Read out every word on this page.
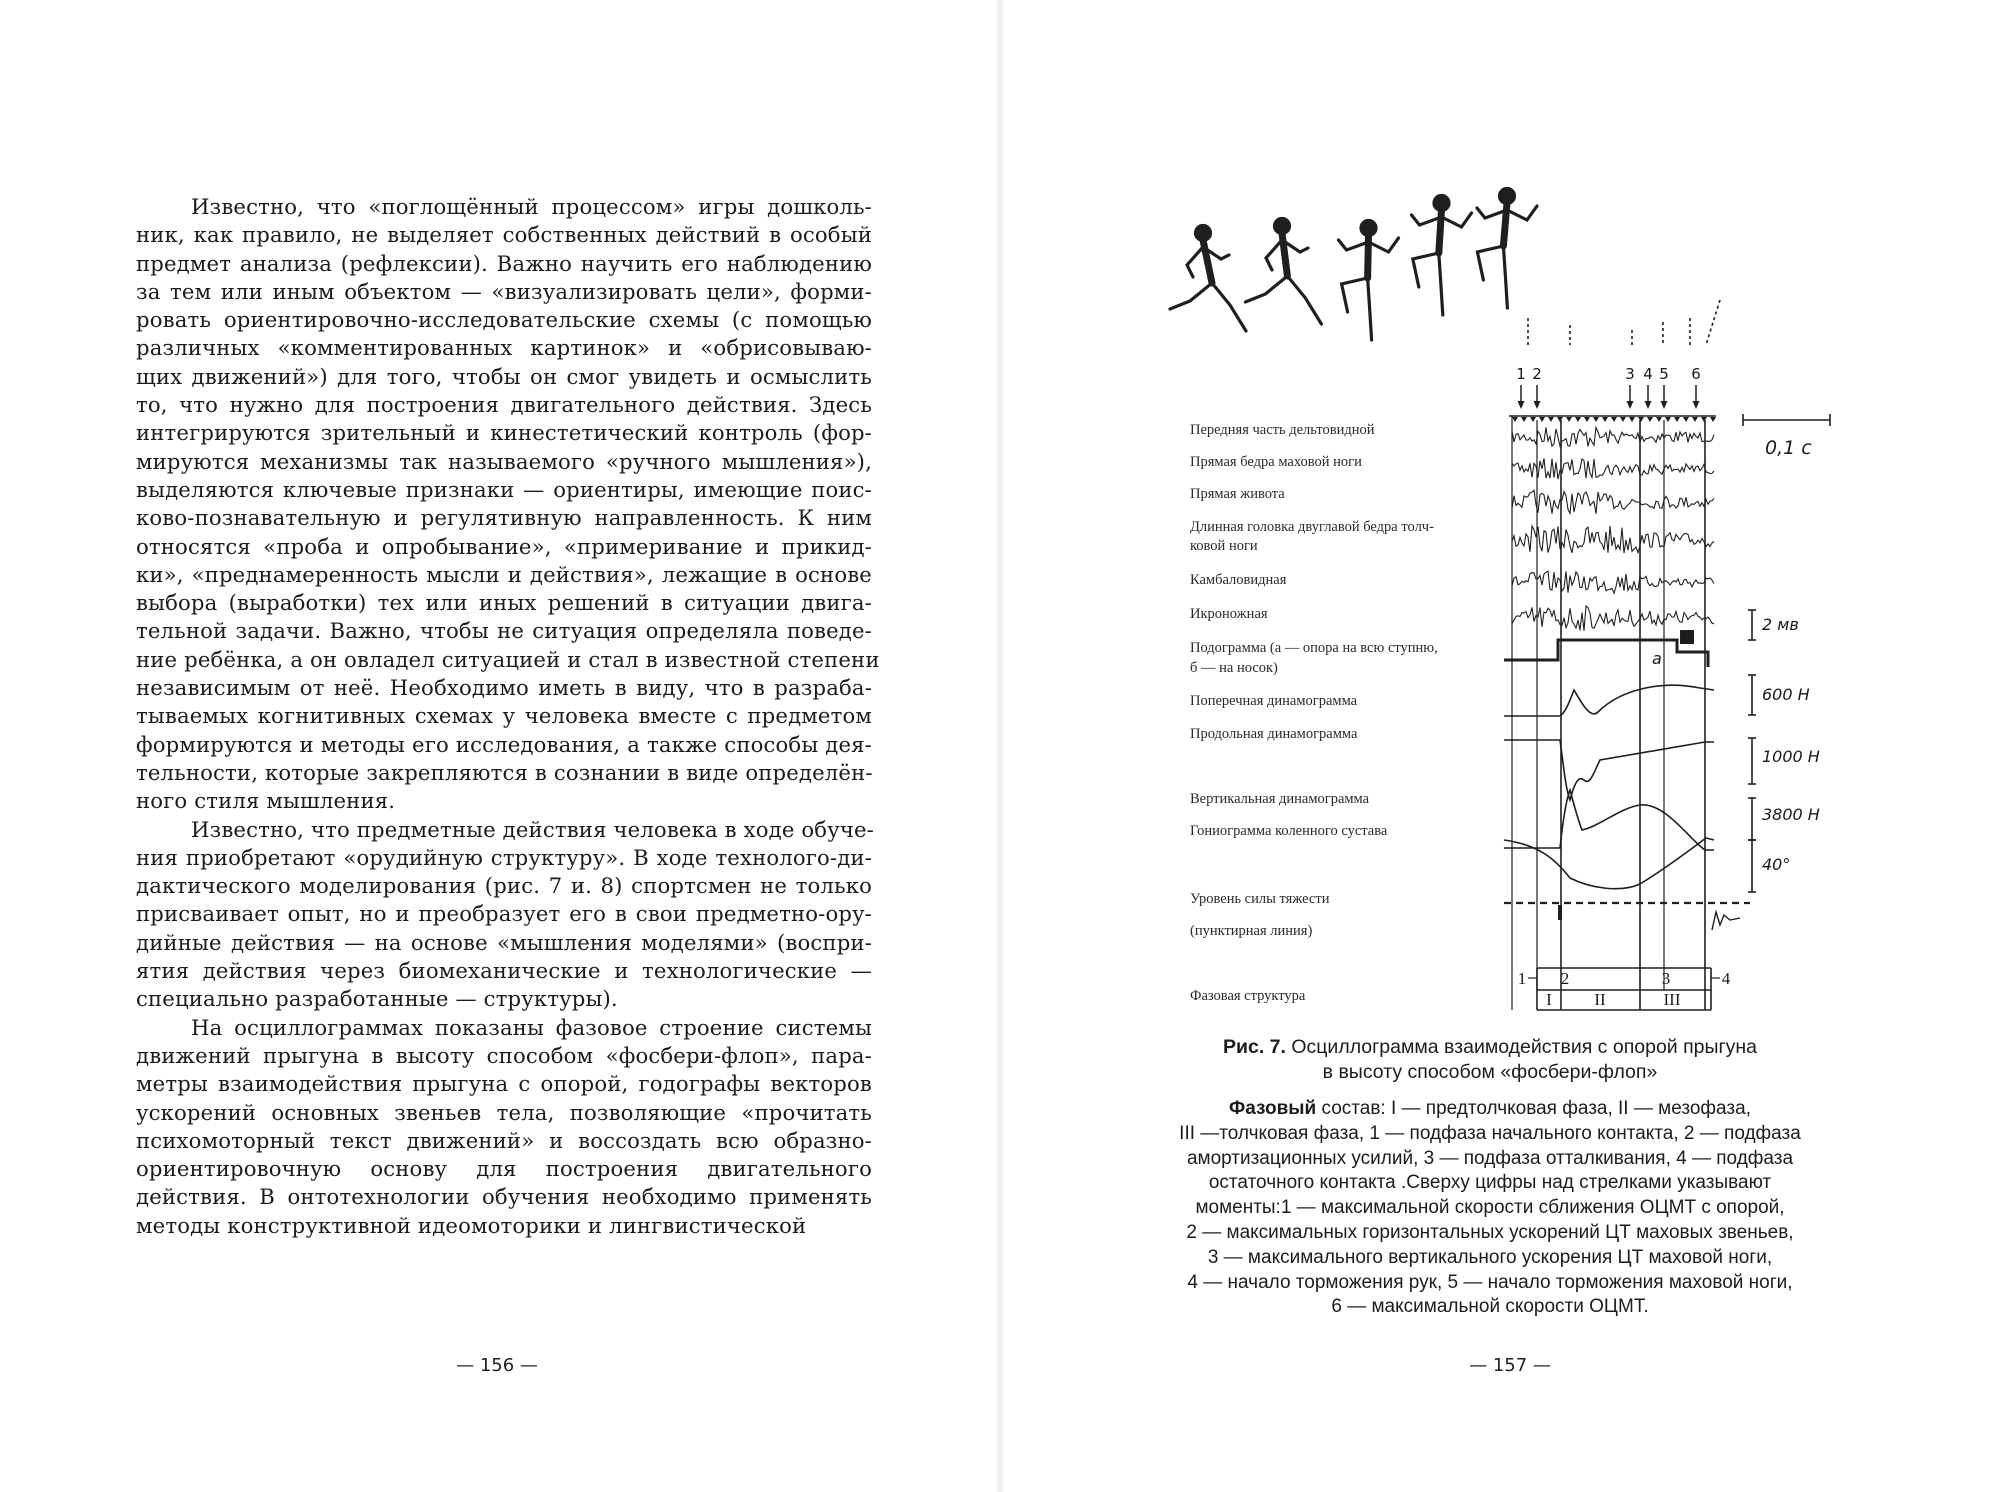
Известно, что «поглощённый процессом» игры дошколь-
ник, как правило, не выделяет собственных действий в особый
предмет анализа (рефлексии). Важно научить его наблюдению
за тем или иным объектом — «визуализировать цели», форми-
ровать ориентировочно-исследовательские схемы (с помощью
различных «комментированных картинок» и «обрисовываю-
щих движений») для того, чтобы он смог увидеть и осмыслить
то, что нужно для построения двигательного действия. Здесь
интегрируются зрительный и кинестетический контроль (фор-
мируются механизмы так называемого «ручного мышления»),
выделяются ключевые признаки — ориентиры, имеющие поис-
ково-познавательную и регулятивную направленность. К ним
относятся «проба и опробывание», «примеривание и прикид-
ки», «преднамеренность мысли и действия», лежащие в основе
выбора (выработки) тех или иных решений в ситуации двига-
тельной задачи. Важно, чтобы не ситуация определяла поведе-
ние ребёнка, а он овладел ситуацией и стал в известной степени
независимым от неё. Необходимо иметь в виду, что в разраба-
тываемых когнитивных схемах у человека вместе с предметом
формируются и методы его исследования, а также способы дея-
тельности, которые закрепляются в сознании в виде определён-
ного стиля мышления.
Известно, что предметные действия человека в ходе обуче-
ния приобретают «орудийную структуру». В ходе технолого-ди-
дактического моделирования (рис. 7 и. 8) спортсмен не только
присваивает опыт, но и преобразует его в свои предметно-ору-
дийные действия — на основе «мышления моделями» (воспри-
ятия действия через биомеханические и технологические —
специально разработанные — структуры).
На осциллограммах показаны фазовое строение системы
движений прыгуна в высоту способом «фосбери-флоп», пара-
метры взаимодействия прыгуна с опорой, годографы векторов
ускорений основных звеньев тела, позволяющие «прочитать
психомоторный текст движений» и воссоздать всю образно-
ориентировочную основу для построения двигательного
действия. В онтотехнологии обучения необходимо применять
методы конструктивной идеомоторики и лингвистической
— 156 —
1 2	3 4 5 6
0,1 с
2 мв
600 Н
1000 Н
3800 Н
40°
б
а
Передняя часть дельтовидной
Прямая бедра маховой ноги
Прямая живота
Длинная головка двуглавой бедра толч-
ковой ноги
Камбаловидная
Икроножная
Подограмма (а — опора на всю ступню,
б — на носок)
Поперечная динамограмма
Продольная динамограмма
Вертикальная динамограмма
Гониограмма коленного сустава
Уровень силы тяжести
(пунктирная линия)
Фазовая структура
1 2	3	4
I	II	III
Рис. 7. Осциллограмма взаимодействия с опорой прыгуна
в высоту способом «фосбери-флоп»
Фазовый состав: I — предтолчковая фаза, II — мезофаза,
III —толчковая фаза, 1 — подфаза начального контакта, 2 — подфаза
амортизационных усилий, 3 — подфаза отталкивания, 4 — подфаза
остаточного контакта .Сверху цифры над стрелками указывают
моменты:1 — максимальной скорости сближения ОЦМТ с опорой,
2 — максимальных горизонтальных ускорений ЦТ маховых звеньев,
3 — максимального вертикального ускорения ЦТ маховой ноги,
4 — начало торможения рук, 5 — начало торможения маховой ноги,
6 — максимальной скорости ОЦМТ.
— 157 —
